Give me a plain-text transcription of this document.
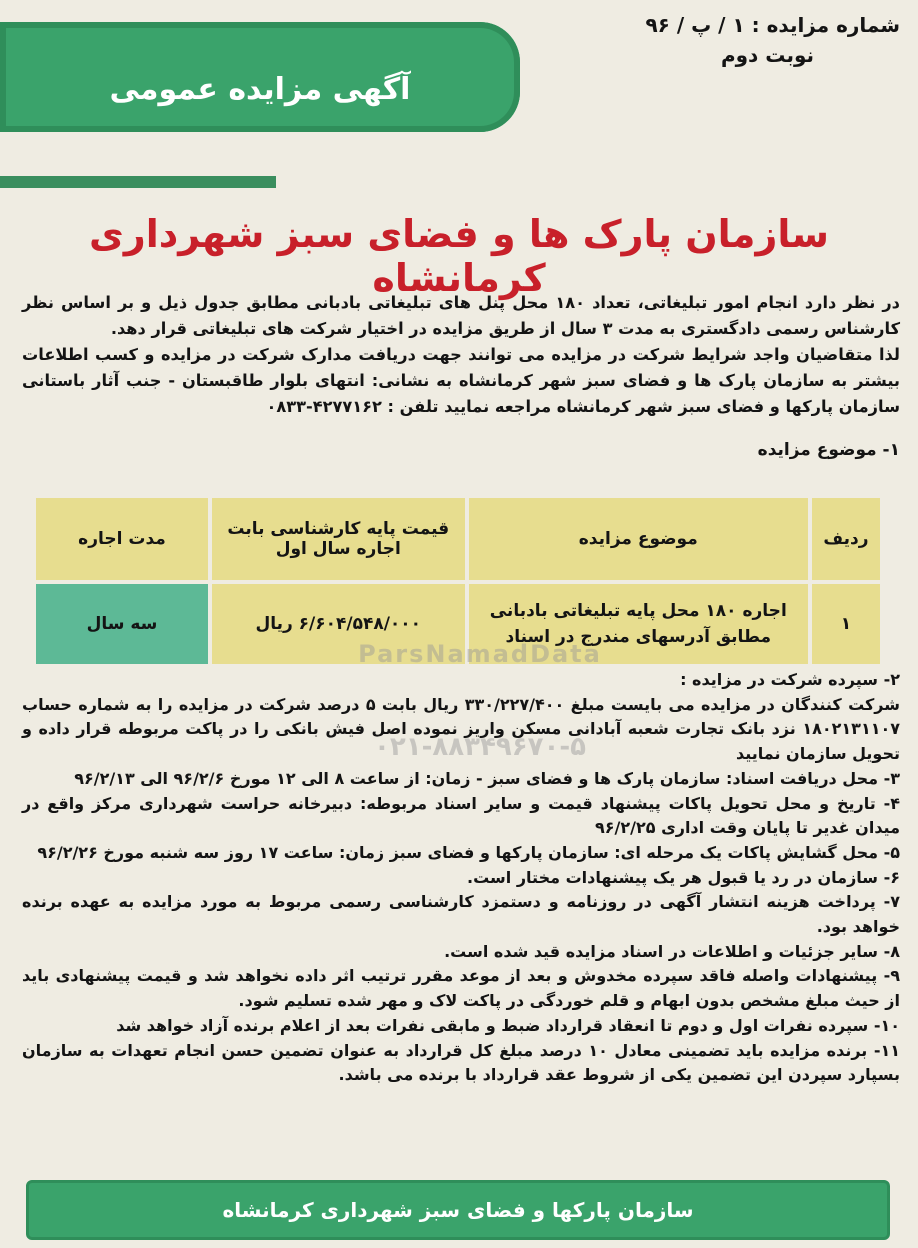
آگهی مزایده عمومی
شماره مزایده : ۱ / پ / ۹۶
نوبت دوم
سازمان پارک ها و فضای سبز شهرداری کرمانشاه

در نظر دارد انجام امور تبلیغاتی، تعداد ۱۸۰ محل پنل های تبلیغاتی بادبانی مطابق جدول ذیل و بر اساس نظر کارشناس رسمی دادگستری به مدت ۳ سال از طریق مزایده در اختیار شرکت های تبلیغاتی قرار دهد.

لذا متقاضیان واجد شرایط شرکت در مزایده می توانند جهت دریافت مدارک شرکت در مزایده و کسب اطلاعات بیشتر به سازمان پارک ها و فضای سبز شهر کرمانشاه به نشانی: انتهای بلوار طاقبستان - جنب آثار باستانی سازمان پارکها و فضای سبز شهر کرمانشاه مراجعه نمایید تلفن : ۴۲۷۷۱۶۲-۰۸۳۳

۱- موضوع مزایده
ردیف	موضوع مزایده	قیمت پایه کارشناسی بابت اجاره سال اول	مدت اجاره
۱	اجاره ۱۸۰ محل پایه تبلیغاتی بادبانی مطابق آدرسهای مندرج در اسناد	۶/۶۰۴/۵۴۸/۰۰۰ ریال	سه سال
ParsNamadData
۰۲۱-۸۸۳۴۹۶۷۰-۵

۲- سپرده شرکت در مزایده :

شرکت کنندگان در مزایده می بایست مبلغ ۳۳۰/۲۲۷/۴۰۰ ریال بابت ۵ درصد شرکت در مزایده را به شماره حساب ۱۸۰۲۱۳۱۱۰۷ نزد بانک تجارت شعبه آبادانی مسکن واریز نموده اصل فیش بانکی را در پاکت مربوطه قرار داده و تحویل سازمان نمایید

۳- محل دریافت اسناد: سازمان پارک ها و فضای سبز - زمان: از ساعت ۸ الی ۱۲ مورخ ۹۶/۲/۶ الی ۹۶/۲/۱۳

۴- تاریخ و محل تحویل پاکات پیشنهاد قیمت و سایر اسناد مربوطه: دبیرخانه حراست شهرداری مرکز واقع در میدان غدیر تا پایان وقت اداری ۹۶/۲/۲۵

۵- محل گشایش پاکات یک مرحله ای: سازمان پارکها و فضای سبز زمان: ساعت ۱۷ روز سه شنبه مورخ ۹۶/۲/۲۶

۶- سازمان در رد یا قبول هر یک پیشنهادات مختار است.

۷- پرداخت هزینه انتشار آگهی در روزنامه و دستمزد کارشناسی رسمی مربوط به مورد مزایده به عهده برنده خواهد بود.

۸- سایر جزئیات و اطلاعات در اسناد مزایده قید شده است.

۹- پیشنهادات واصله فاقد سپرده مخدوش و بعد از موعد مقرر ترتیب اثر داده نخواهد شد و قیمت پیشنهادی باید از حیث مبلغ مشخص بدون ابهام و قلم خوردگی در پاکت لاک و مهر شده تسلیم شود.

۱۰- سپرده نفرات اول و دوم تا انعقاد قرارداد ضبط و مابقی نفرات بعد از اعلام برنده آزاد خواهد شد

۱۱- برنده مزایده باید تضمینی معادل ۱۰ درصد مبلغ کل قرارداد به عنوان تضمین حسن انجام تعهدات به سازمان بسپارد سپردن این تضمین یکی از شروط عقد قرارداد با برنده می باشد.

سازمان پارکها و فضای سبز شهرداری کرمانشاه
